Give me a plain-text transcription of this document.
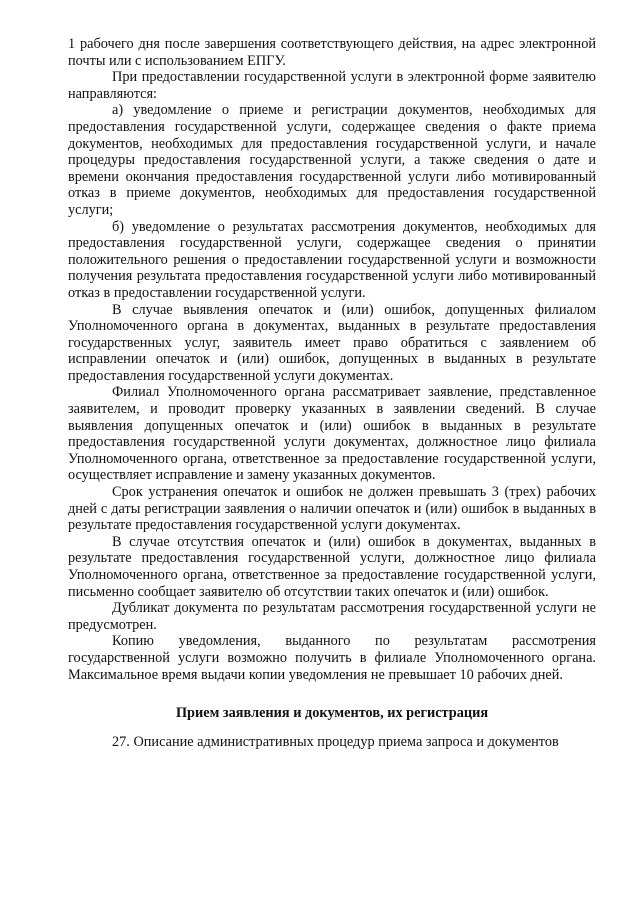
1 рабочего дня после завершения соответствующего действия, на адрес электронной почты или с использованием ЕПГУ.

При предоставлении государственной услуги в электронной форме заявителю направляются:

а) уведомление о приеме и регистрации документов, необходимых для предоставления государственной услуги, содержащее сведения о факте приема документов, необходимых для предоставления государственной услуги, и начале процедуры предоставления государственной услуги, а также сведения о дате и времени окончания предоставления государственной услуги либо мотивированный отказ в приеме документов, необходимых для предоставления государственной услуги;

б) уведомление о результатах рассмотрения документов, необходимых для предоставления государственной услуги, содержащее сведения о принятии положительного решения о предоставлении государственной услуги и возможности получения результата предоставления государственной услуги либо мотивированный отказ в предоставлении государственной услуги.

В случае выявления опечаток и (или) ошибок, допущенных филиалом Уполномоченного органа в документах, выданных в результате предоставления государственных услуг, заявитель имеет право обратиться с заявлением об исправлении опечаток и (или) ошибок, допущенных в выданных в результате предоставления государственной услуги документах.

Филиал Уполномоченного органа рассматривает заявление, представленное заявителем, и проводит проверку указанных в заявлении сведений. В случае выявления допущенных опечаток и (или) ошибок в выданных в результате предоставления государственной услуги документах, должностное лицо филиала Уполномоченного органа, ответственное за предоставление государственной услуги, осуществляет исправление и замену указанных документов.

Срок устранения опечаток и ошибок не должен превышать 3 (трех) рабочих дней с даты регистрации заявления о наличии опечаток и (или) ошибок в выданных в результате предоставления государственной услуги документах.

В случае отсутствия опечаток и (или) ошибок в документах, выданных в результате предоставления государственной услуги, должностное лицо филиала Уполномоченного органа, ответственное за предоставление государственной услуги, письменно сообщает заявителю об отсутствии таких опечаток и (или) ошибок.

Дубликат документа по результатам рассмотрения государственной услуги не предусмотрен.

Копию уведомления, выданного по результатам рассмотрения государственной услуги возможно получить в филиале Уполномоченного органа. Максимальное время выдачи копии уведомления не превышает 10 рабочих дней.

Прием заявления и документов, их регистрация

27. Описание административных процедур приема запроса и документов
